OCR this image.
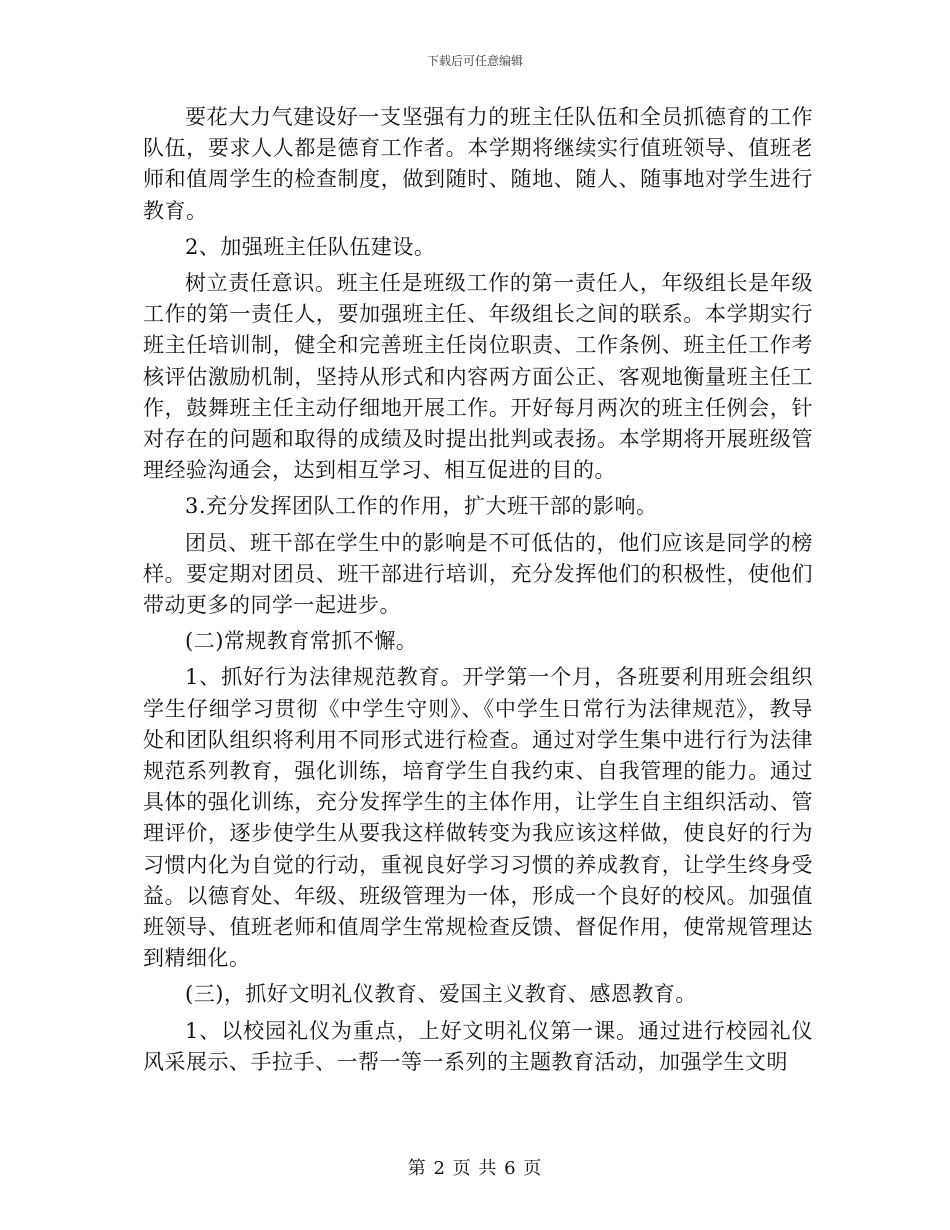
下载后可任意编辑

要花大力气建设好一支坚强有力的班主任队伍和全员抓德育的工作队伍，要求人人都是德育工作者。本学期将继续实行值班领导、值班老师和值周学生的检查制度，做到随时、随地、随人、随事地对学生进行教育。

2、加强班主任队伍建设。

树立责任意识。班主任是班级工作的第一责任人，年级组长是年级工作的第一责任人，要加强班主任、年级组长之间的联系。本学期实行班主任培训制，健全和完善班主任岗位职责、工作条例、班主任工作考核评估激励机制，坚持从形式和内容两方面公正、客观地衡量班主任工作，鼓舞班主任主动仔细地开展工作。开好每月两次的班主任例会，针对存在的问题和取得的成绩及时提出批判或表扬。本学期将开展班级管理经验沟通会，达到相互学习、相互促进的目的。

3.充分发挥团队工作的作用，扩大班干部的影响。

团员、班干部在学生中的影响是不可低估的，他们应该是同学的榜样。要定期对团员、班干部进行培训，充分发挥他们的积极性，使他们带动更多的同学一起进步。

(二)常规教育常抓不懈。

1、抓好行为法律规范教育。开学第一个月，各班要利用班会组织学生仔细学习贯彻《中学生守则》、《中学生日常行为法律规范》，教导处和团队组织将利用不同形式进行检查。通过对学生集中进行行为法律规范系列教育，强化训练，培育学生自我约束、自我管理的能力。通过具体的强化训练，充分发挥学生的主体作用，让学生自主组织活动、管理评价，逐步使学生从要我这样做转变为我应该这样做，使良好的行为习惯内化为自觉的行动，重视良好学习习惯的养成教育，让学生终身受益。以德育处、年级、班级管理为一体，形成一个良好的校风。加强值班领导、值班老师和值周学生常规检查反馈、督促作用，使常规管理达到精细化。

(三)，抓好文明礼仪教育、爱国主义教育、感恩教育。

1、以校园礼仪为重点，上好文明礼仪第一课。通过进行校园礼仪风采展示、手拉手、一帮一等一系列的主题教育活动，加强学生文明

第 2 页 共 6 页
